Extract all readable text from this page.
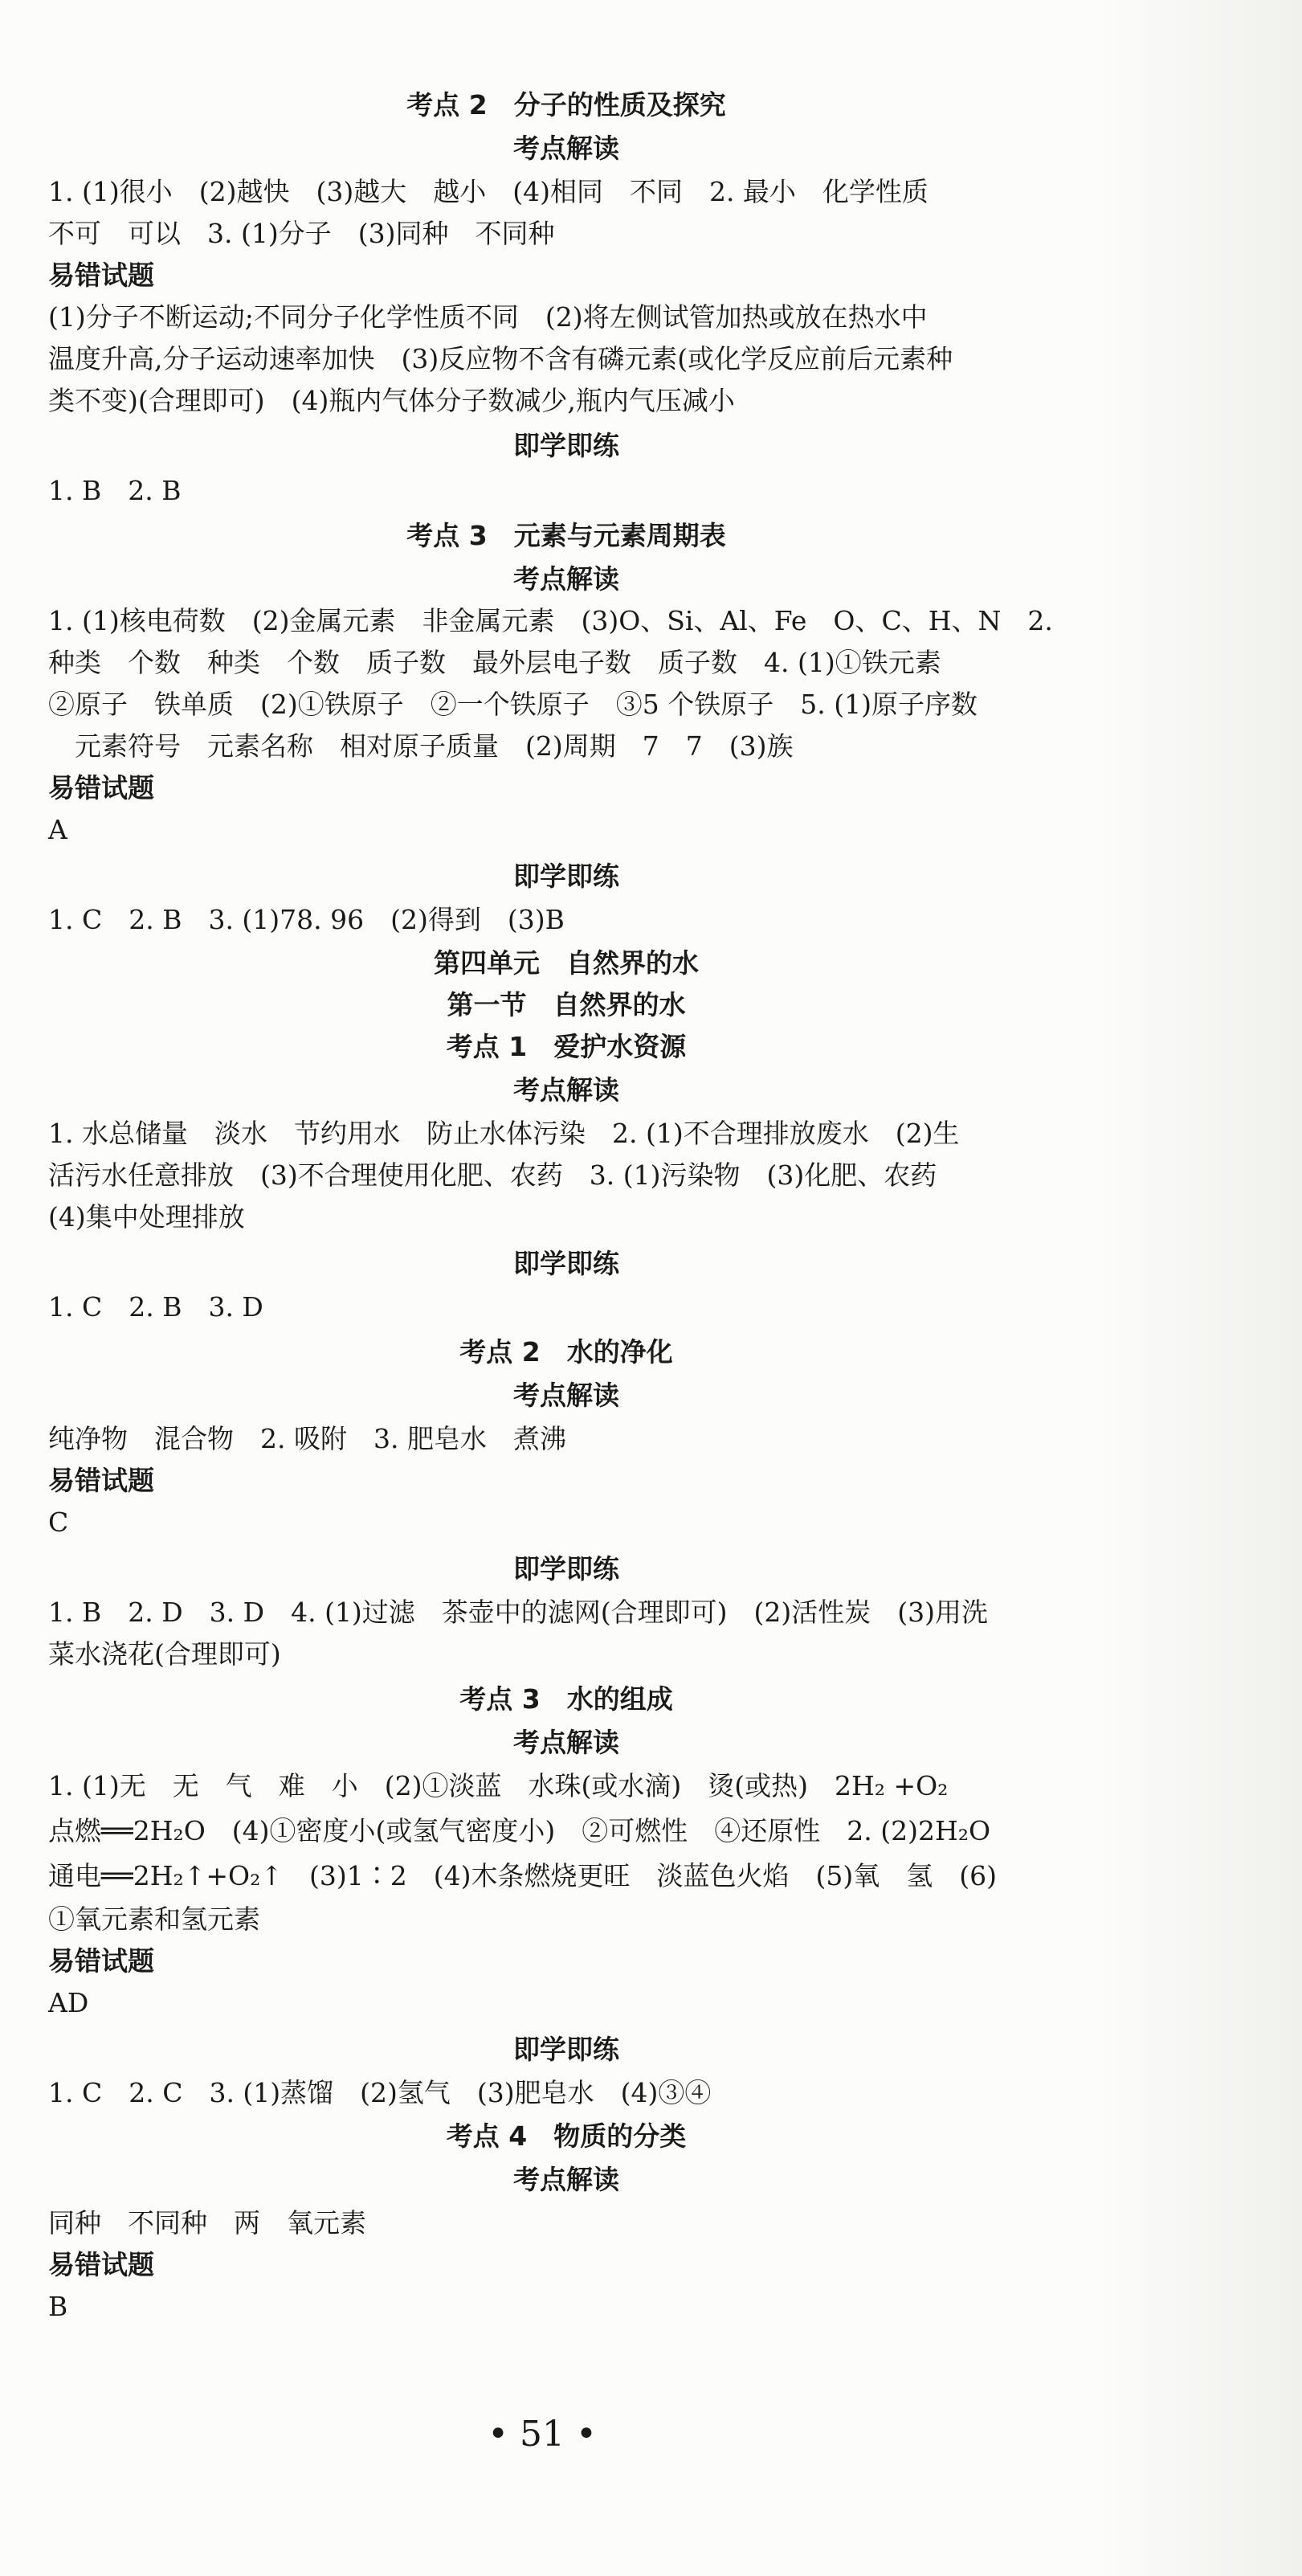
考点 2　分子的性质及探究
考点解读
1. (1)很小　(2)越快　(3)越大　越小　(4)相同　不同　2. 最小　化学性质
不可　可以　3. (1)分子　(3)同种　不同种
易错试题
(1)分子不断运动;不同分子化学性质不同　(2)将左侧试管加热或放在热水中
温度升高,分子运动速率加快　(3)反应物不含有磷元素(或化学反应前后元素种
类不变)(合理即可)　(4)瓶内气体分子数减少,瓶内气压减小
即学即练
1. B　2. B
考点 3　元素与元素周期表
考点解读
1. (1)核电荷数　(2)金属元素　非金属元素　(3)O、Si、Al、Fe　O、C、H、N　2.
种类　个数　种类　个数　质子数　最外层电子数　质子数　4. (1)①铁元素
②原子　铁单质　(2)①铁原子　②一个铁原子　③5 个铁原子　5. (1)原子序数
　元素符号　元素名称　相对原子质量　(2)周期　7　7　(3)族
易错试题
A
即学即练
1. C　2. B　3. (1)78. 96　(2)得到　(3)B
第四单元　自然界的水
第一节　自然界的水
考点 1　爱护水资源
考点解读
1. 水总储量　淡水　节约用水　防止水体污染　2. (1)不合理排放废水　(2)生
活污水任意排放　(3)不合理使用化肥、农药　3. (1)污染物　(3)化肥、农药
(4)集中处理排放
即学即练
1. C　2. B　3. D
考点 2　水的净化
考点解读
纯净物　混合物　2. 吸附　3. 肥皂水　煮沸
易错试题
C
即学即练
1. B　2. D　3. D　4. (1)过滤　茶壶中的滤网(合理即可)　(2)活性炭　(3)用洗
菜水浇花(合理即可)
考点 3　水的组成
考点解读
1. (1)无　无　气　难　小　(2)①淡蓝　水珠(或水滴)　烫(或热)　2H₂ +O₂
点燃══2H₂O　(4)①密度小(或氢气密度小)　②可燃性　④还原性　2. (2)2H₂O
通电══2H₂↑+O₂↑　(3)1∶2　(4)木条燃烧更旺　淡蓝色火焰　(5)氧　氢　(6)
①氧元素和氢元素
易错试题
AD
即学即练
1. C　2. C　3. (1)蒸馏　(2)氢气　(3)肥皂水　(4)③④
考点 4　物质的分类
考点解读
同种　不同种　两　氧元素
易错试题
B
• 51 •
